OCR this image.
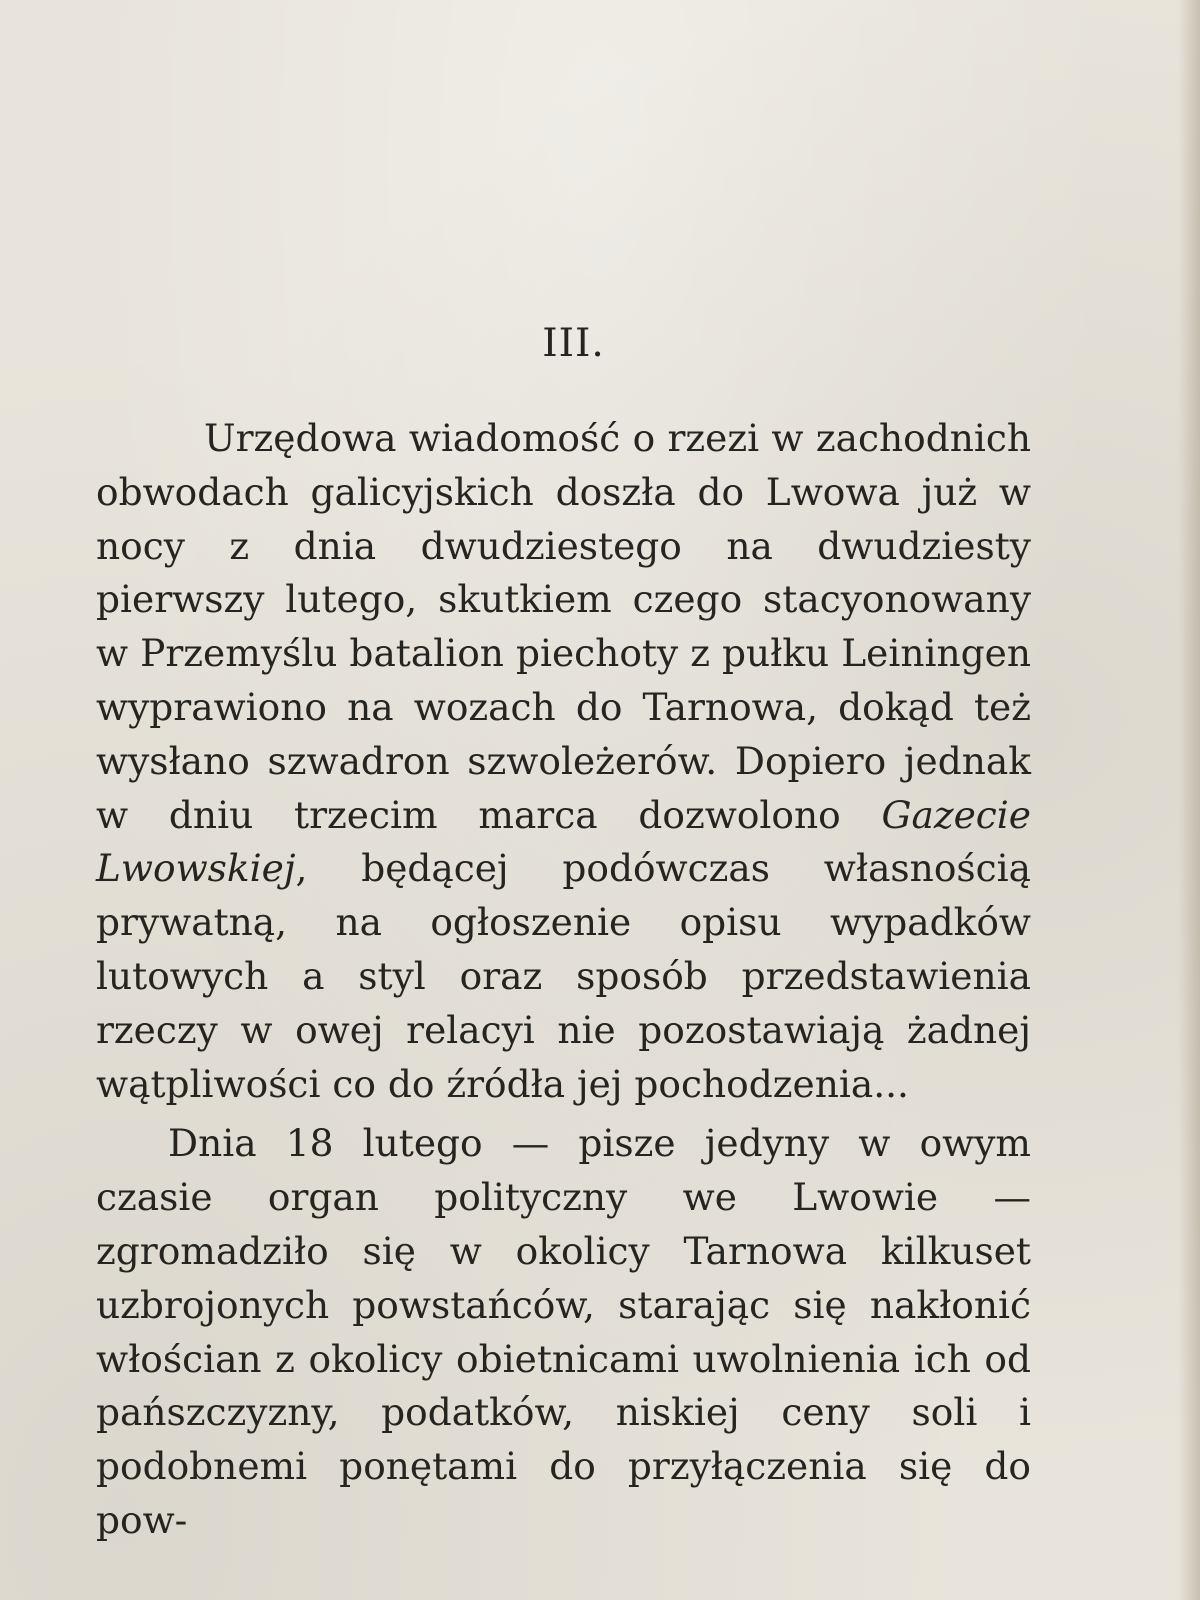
III.

Urzędowa wiadomość o rzezi w zachodnich obwodach galicyjskich doszła do Lwowa już w nocy z dnia dwudziestego na dwudziesty pierwszy lutego, skutkiem czego stacyonowany w Przemyślu batalion piechoty z pułku Leiningen wyprawiono na wozach do Tarnowa, dokąd też wysłano szwadron szwoleżerów. Dopiero jednak w dniu trzecim marca dozwolono Gazecie Lwowskiej, będącej podówczas własnością prywatną, na ogłoszenie opisu wypadków lutowych a styl oraz sposób przedstawienia rzeczy w owej relacyi nie pozostawiają żadnej wątpliwości co do źródła jej pochodzenia...

Dnia 18 lutego — pisze jedyny w owym czasie organ polityczny we Lwowie — zgromadziło się w okolicy Tarnowa kilkuset uzbrojonych powstańców, starając się nakłonić włościan z okolicy obietnicami uwolnienia ich od pańszczyzny, podatków, niskiej ceny soli i podobnemi ponętami do przyłączenia się do pow-
